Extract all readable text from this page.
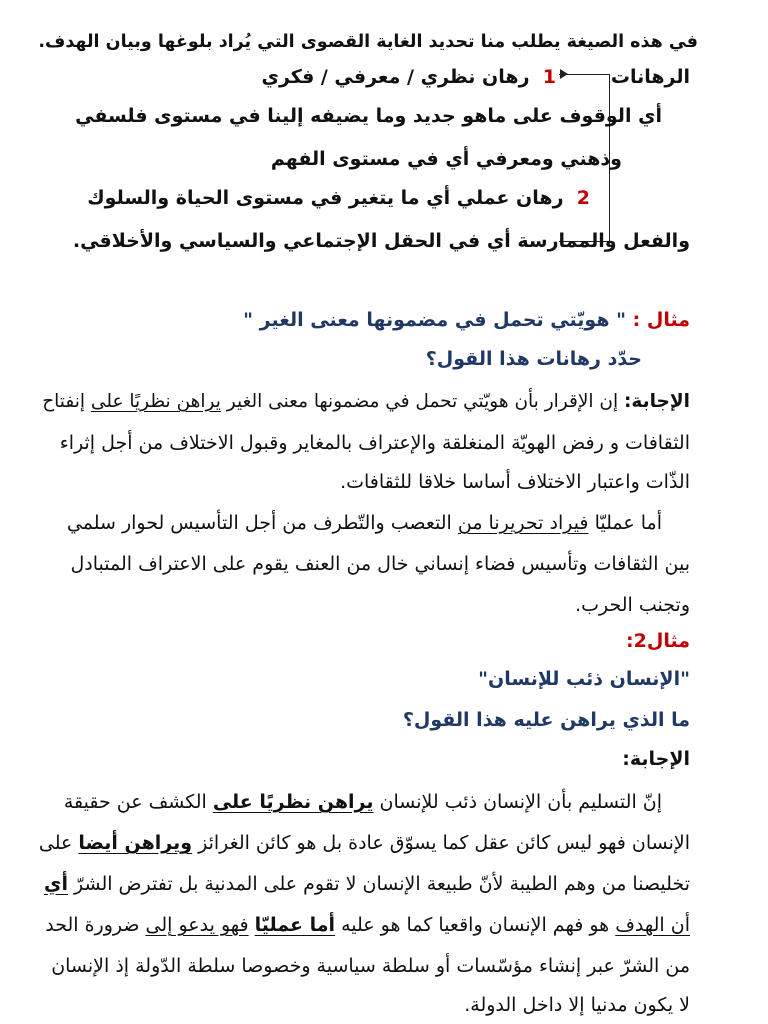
في هذه الصيغة يطلب منا تحديد الغاية القصوى التي يُراد بلوغها وبيان الهدف.
الرهانات
1  رهان نظري / معرفي / فكري
أي الوقوف على ماهو جديد وما يضيفه إلينا في مستوى فلسفي
وذهني ومعرفي أي في مستوى الفهم
2  رهان عملي أي ما يتغير في مستوى الحياة والسلوك
والفعل والممارسة أي في الحقل الإجتماعي والسياسي والأخلاقي.
مثال : " هويّتي تحمل في مضمونها معنى الغير "
حدّد رهانات هذا القول؟
الإجابة: إن الإقرار بأن هويّتي تحمل في مضمونها معنى الغير يراهن نظريًا على إنفتاح
الثقافات و رفض الهويّة المنغلقة والإعتراف بالمغاير وقبول الاختلاف من أجل إثراء
الذّات واعتبار الاختلاف أساسا خلاقا للثقافات.
أما عمليّا فيراد تحريرنا من التعصب والتّطرف من أجل التأسيس لحوار سلمي
بين الثقافات وتأسيس فضاء إنساني خال من العنف يقوم على الاعتراف المتبادل
وتجنب الحرب.
مثال2:
"الإنسان ذئب للإنسان"
ما الذي يراهن عليه هذا القول؟
الإجابة:
إنّ التسليم بأن الإنسان ذئب للإنسان يراهن نظريًا على الكشف عن حقيقة
الإنسان فهو ليس كائن عقل كما يسوّق عادة بل هو كائن الغرائز ويراهن أيضا على
تخليصنا من وهم الطيبة لأنّ طبيعة الإنسان لا تقوم على المدنية بل تفترض الشرّ أي
أن الهدف هو فهم الإنسان واقعيا كما هو عليه أما عمليّا فهو يدعو إلى ضرورة الحد
من الشرّ عبر إنشاء مؤسّسات أو سلطة سياسية وخصوصا سلطة الدّولة إذ الإنسان
لا يكون مدنيا إلا داخل الدولة.
